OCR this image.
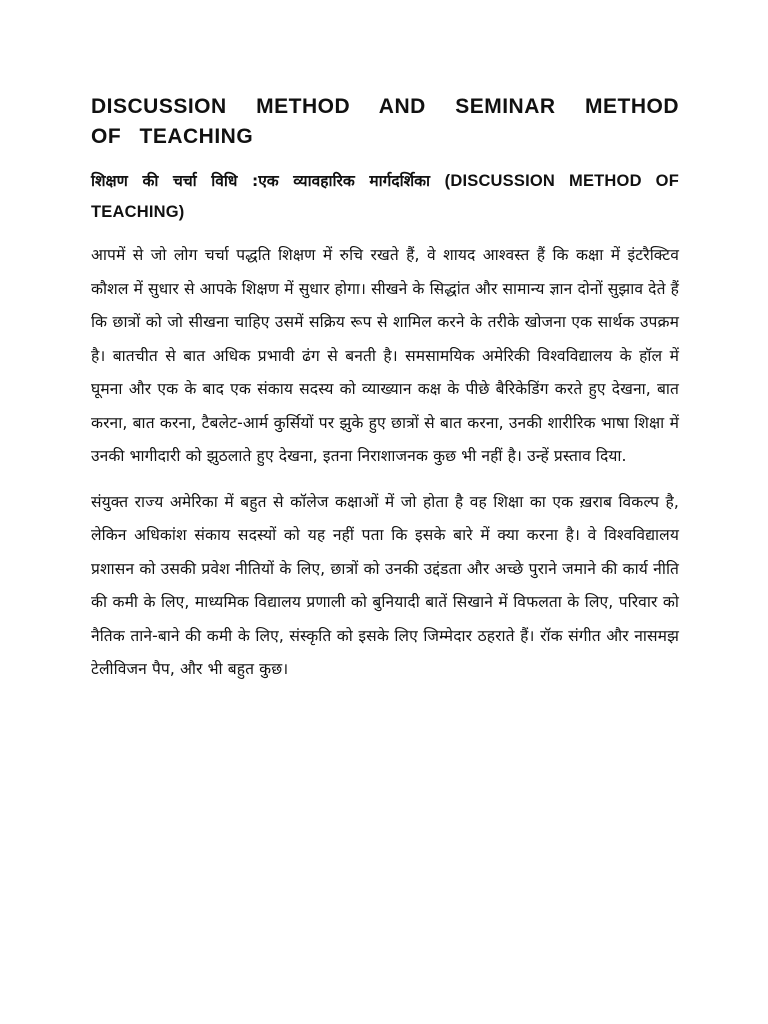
DISCUSSION METHOD AND SEMINAR METHOD OF TEACHING

शिक्षण की चर्चा विधि :एक व्यावहारिक मार्गदर्शिका (DISCUSSION METHOD OF TEACHING)

आपमें से जो लोग चर्चा पद्धति शिक्षण में रुचि रखते हैं, वे शायद आश्वस्त हैं कि कक्षा में इंटरैक्टिव कौशल में सुधार से आपके शिक्षण में सुधार होगा। सीखने के सिद्धांत और सामान्य ज्ञान दोनों सुझाव देते हैं कि छात्रों को जो सीखना चाहिए उसमें सक्रिय रूप से शामिल करने के तरीके खोजना एक सार्थक उपक्रम है। बातचीत से बात अधिक प्रभावी ढंग से बनती है। समसामयिक अमेरिकी विश्वविद्यालय के हॉल में घूमना और एक के बाद एक संकाय सदस्य को व्याख्यान कक्ष के पीछे बैरिकेडिंग करते हुए देखना, बात करना, बात करना, टैबलेट-आर्म कुर्सियों पर झुके हुए छात्रों से बात करना, उनकी शारीरिक भाषा शिक्षा में उनकी भागीदारी को झुठलाते हुए देखना, इतना निराशाजनक कुछ भी नहीं है। उन्हें प्रस्ताव दिया.

संयुक्त राज्य अमेरिका में बहुत से कॉलेज कक्षाओं में जो होता है वह शिक्षा का एक ख़राब विकल्प है, लेकिन अधिकांश संकाय सदस्यों को यह नहीं पता कि इसके बारे में क्या करना है। वे विश्वविद्यालय प्रशासन को उसकी प्रवेश नीतियों के लिए, छात्रों को उनकी उद्दंडता और अच्छे पुराने जमाने की कार्य नीति की कमी के लिए, माध्यमिक विद्यालय प्रणाली को बुनियादी बातें सिखाने में विफलता के लिए, परिवार को नैतिक ताने-बाने की कमी के लिए, संस्कृति को इसके लिए जिम्मेदार ठहराते हैं। रॉक संगीत और नासमझ टेलीविजन पैप, और भी बहुत कुछ।
